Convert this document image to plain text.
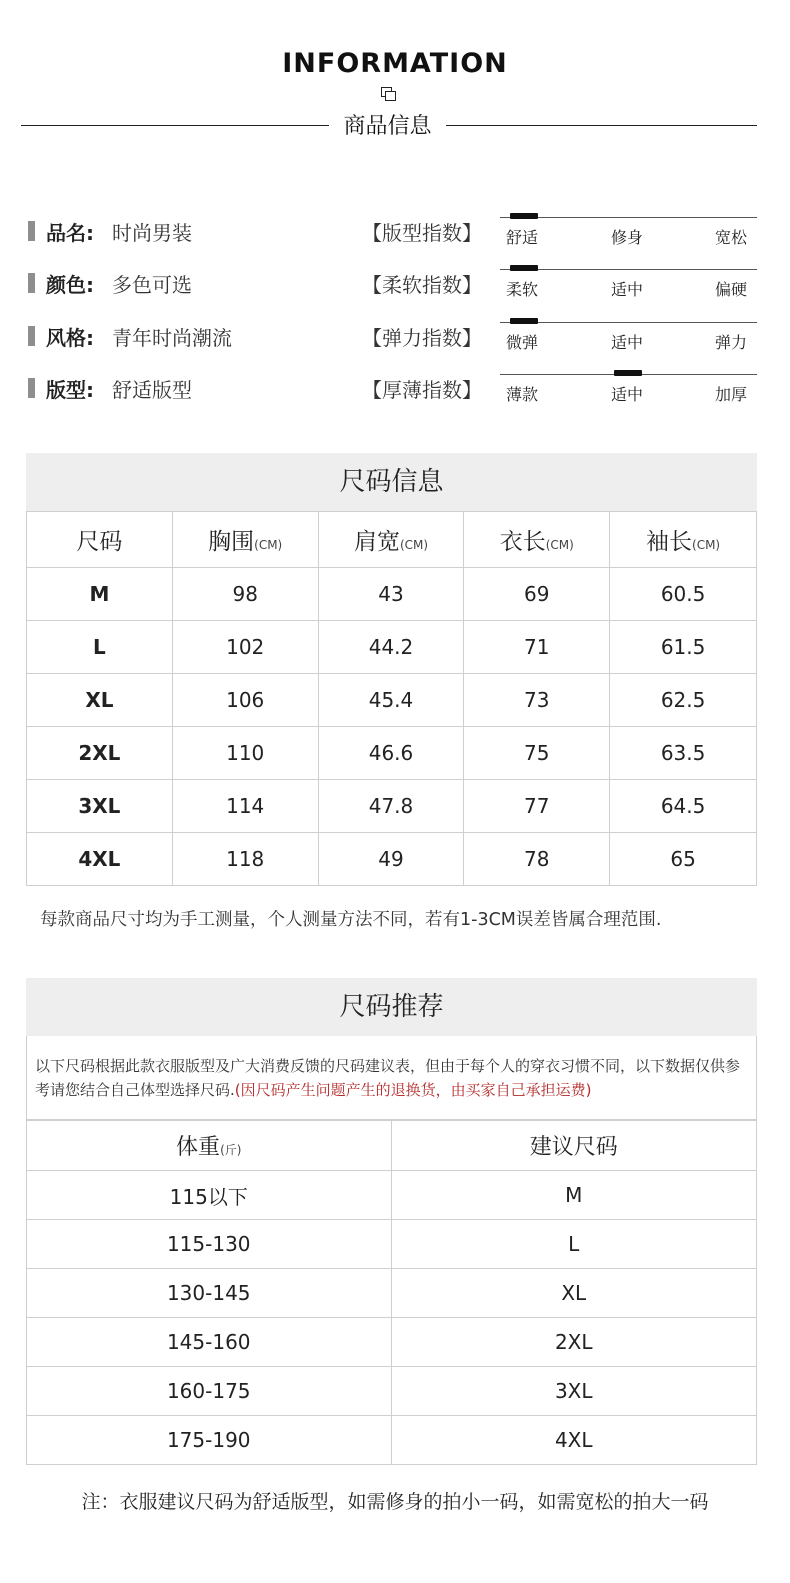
INFORMATION
商品信息
品名: 时尚男装	【版型指数】 舒适	修身	宽松
颜色: 多色可选	【柔软指数】 柔软	适中	偏硬
风格: 青年时尚潮流	【弹力指数】 微弹	适中	弹力
版型: 舒适版型	【厚薄指数】 薄款	适中	加厚
尺码信息
尺码	胸围(CM)	肩宽(CM)	衣长(CM)	袖长(CM)
M	98	43	69	60.5
L	102	44.2	71	61.5
XL	106	45.4	73	62.5
2XL	110	46.6	75	63.5
3XL	114	47.8	77	64.5
4XL	118	49	78	65
每款商品尺寸均为手工测量，个人测量方法不同，若有1-3CM误差皆属合理范围.
尺码推荐
以下尺码根据此款衣服版型及广大消费反馈的尺码建议表，但由于每个人的穿衣习惯不同，以下数据仅供参考请您结合自己体型选择尺码.(因尺码产生问题产生的退换货，由买家自己承担运费)
体重(斤)	建议尺码
115以下	M
115-130	L
130-145	XL
145-160	2XL
160-175	3XL
175-190	4XL
注：衣服建议尺码为舒适版型，如需修身的拍小一码，如需宽松的拍大一码
